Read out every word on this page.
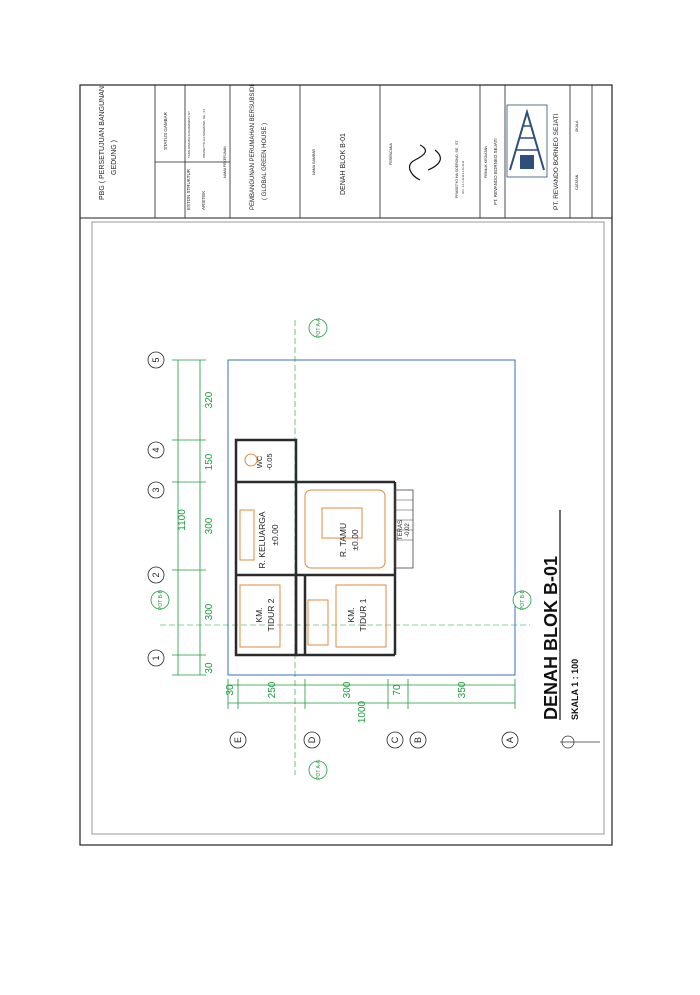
PBG ( PERSETUJUAN BANGUNAN GEDUNG )
STATUS GAMBAR
ESTDN STRUKTUR
YANG DIMUNA KUSUMAWATI, ST
ARSITEK
PRASETYO HA SOERONO, SE., ST
NAMA PEKERJAAN	PEMBANGUNAN PERUMAHAN BERSUBSIDI ( GLOBAL GREEN HOUSE )	NAMA GAMBAR	DENAH BLOK B-01	PERENCANA	PRASETYO HA SOERONO, SE., ST SKK : 1.1.1.11.11.1.1.11.11.11	PEMILIK KEGIATAN PT. REVANDO BORNEO SEJATI	PT. REVANDO BORNEO SEJATI	CATATAN
SKALA
5
4
3
2
1
E	D	C B	A
1100
320
150
300
300
30
30	250	300	70	350
1000
WC -0.05
R. KELUARGA ±0.00	R. TAMU ±0.00
KM. TIDUR 2	KM. TIDUR 1
TERAS -0.02
POT A-A
POT B-B	POT B-B
POT A-A
DENAH BLOK B-01 SKALA 1 : 100
